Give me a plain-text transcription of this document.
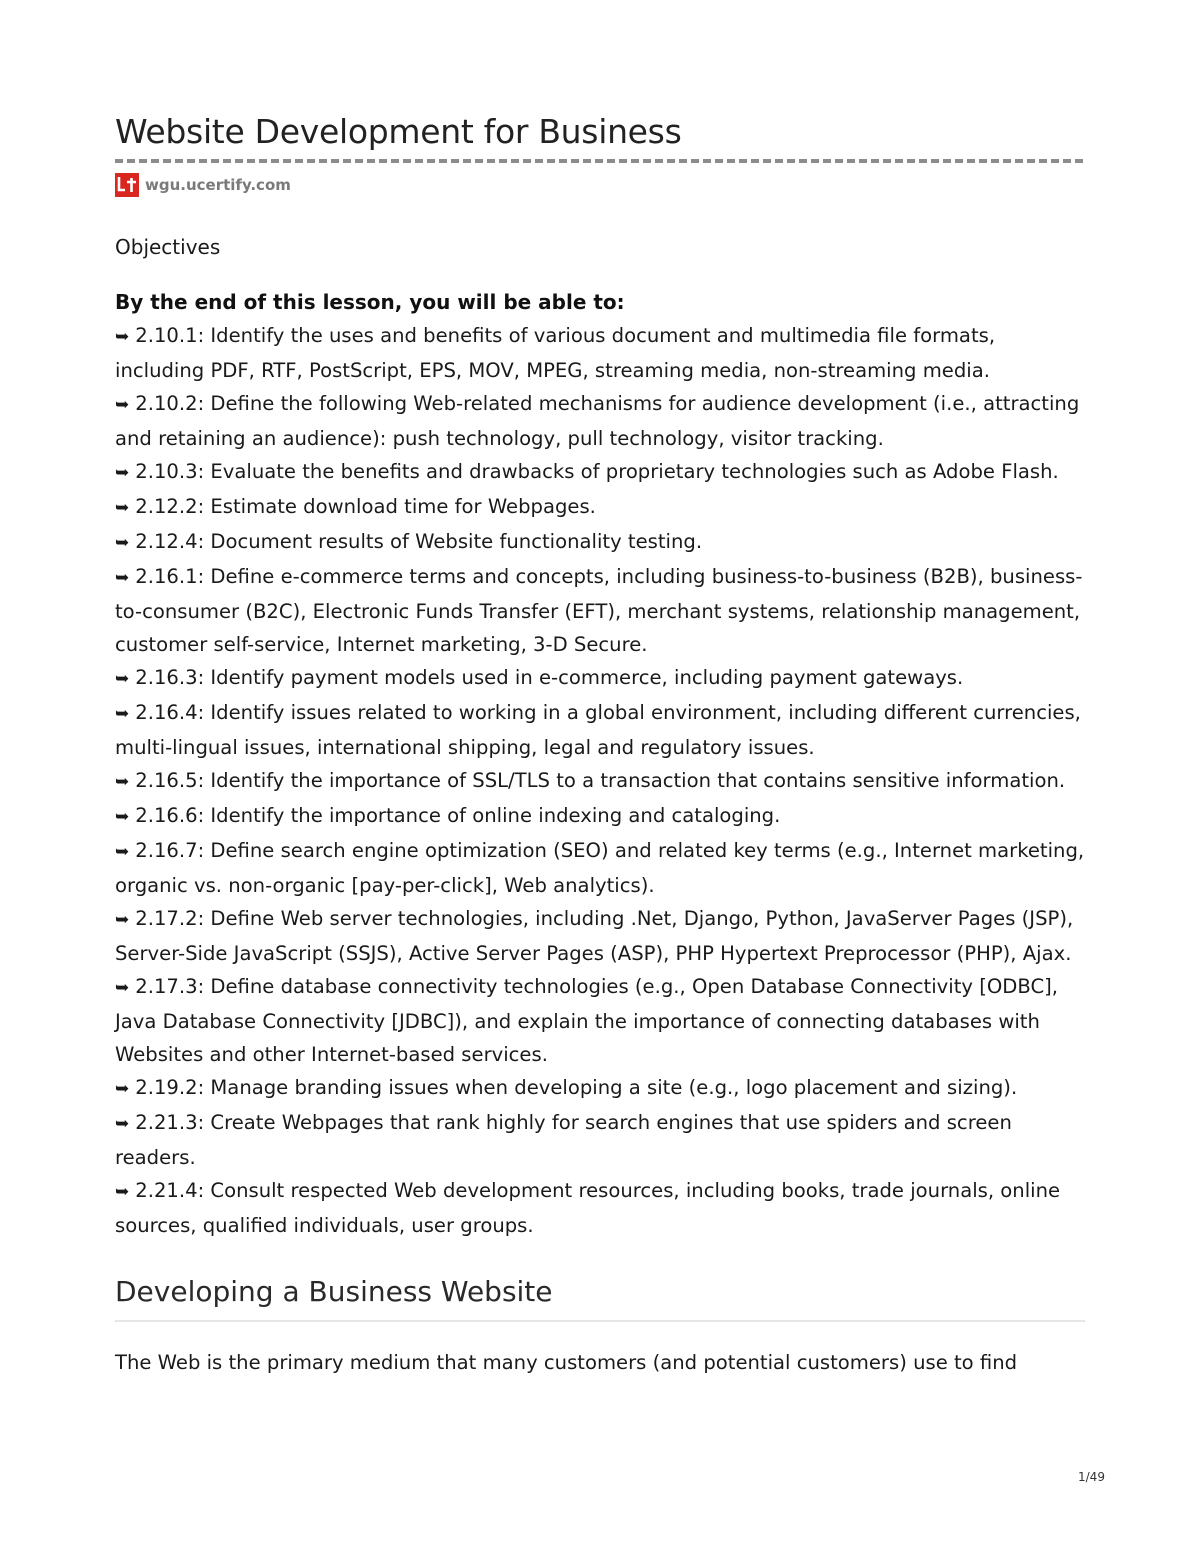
Website Development for Business
wgu.ucertify.com
Objectives
By the end of this lesson, you will be able to:
➥ 2.10.1: Identify the uses and benefits of various document and multimedia file formats, including PDF, RTF, PostScript, EPS, MOV, MPEG, streaming media, non-streaming media.
➥ 2.10.2: Define the following Web-related mechanisms for audience development (i.e., attracting and retaining an audience): push technology, pull technology, visitor tracking.
➥ 2.10.3: Evaluate the benefits and drawbacks of proprietary technologies such as Adobe Flash.
➥ 2.12.2: Estimate download time for Webpages.
➥ 2.12.4: Document results of Website functionality testing.
➥ 2.16.1: Define e-commerce terms and concepts, including business-to-business (B2B), business-to-consumer (B2C), Electronic Funds Transfer (EFT), merchant systems, relationship management, customer self-service, Internet marketing, 3-D Secure.
➥ 2.16.3: Identify payment models used in e-commerce, including payment gateways.
➥ 2.16.4: Identify issues related to working in a global environment, including different currencies, multi-lingual issues, international shipping, legal and regulatory issues.
➥ 2.16.5: Identify the importance of SSL/TLS to a transaction that contains sensitive information.
➥ 2.16.6: Identify the importance of online indexing and cataloging.
➥ 2.16.7: Define search engine optimization (SEO) and related key terms (e.g., Internet marketing, organic vs. non-organic [pay-per-click], Web analytics).
➥ 2.17.2: Define Web server technologies, including .Net, Django, Python, JavaServer Pages (JSP), Server-Side JavaScript (SSJS), Active Server Pages (ASP), PHP Hypertext Preprocessor (PHP), Ajax.
➥ 2.17.3: Define database connectivity technologies (e.g., Open Database Connectivity [ODBC], Java Database Connectivity [JDBC]), and explain the importance of connecting databases with Websites and other Internet-based services.
➥ 2.19.2: Manage branding issues when developing a site (e.g., logo placement and sizing).
➥ 2.21.3: Create Webpages that rank highly for search engines that use spiders and screen readers.
➥ 2.21.4: Consult respected Web development resources, including books, trade journals, online sources, qualified individuals, user groups.
Developing a Business Website
The Web is the primary medium that many customers (and potential customers) use to find
1/49
